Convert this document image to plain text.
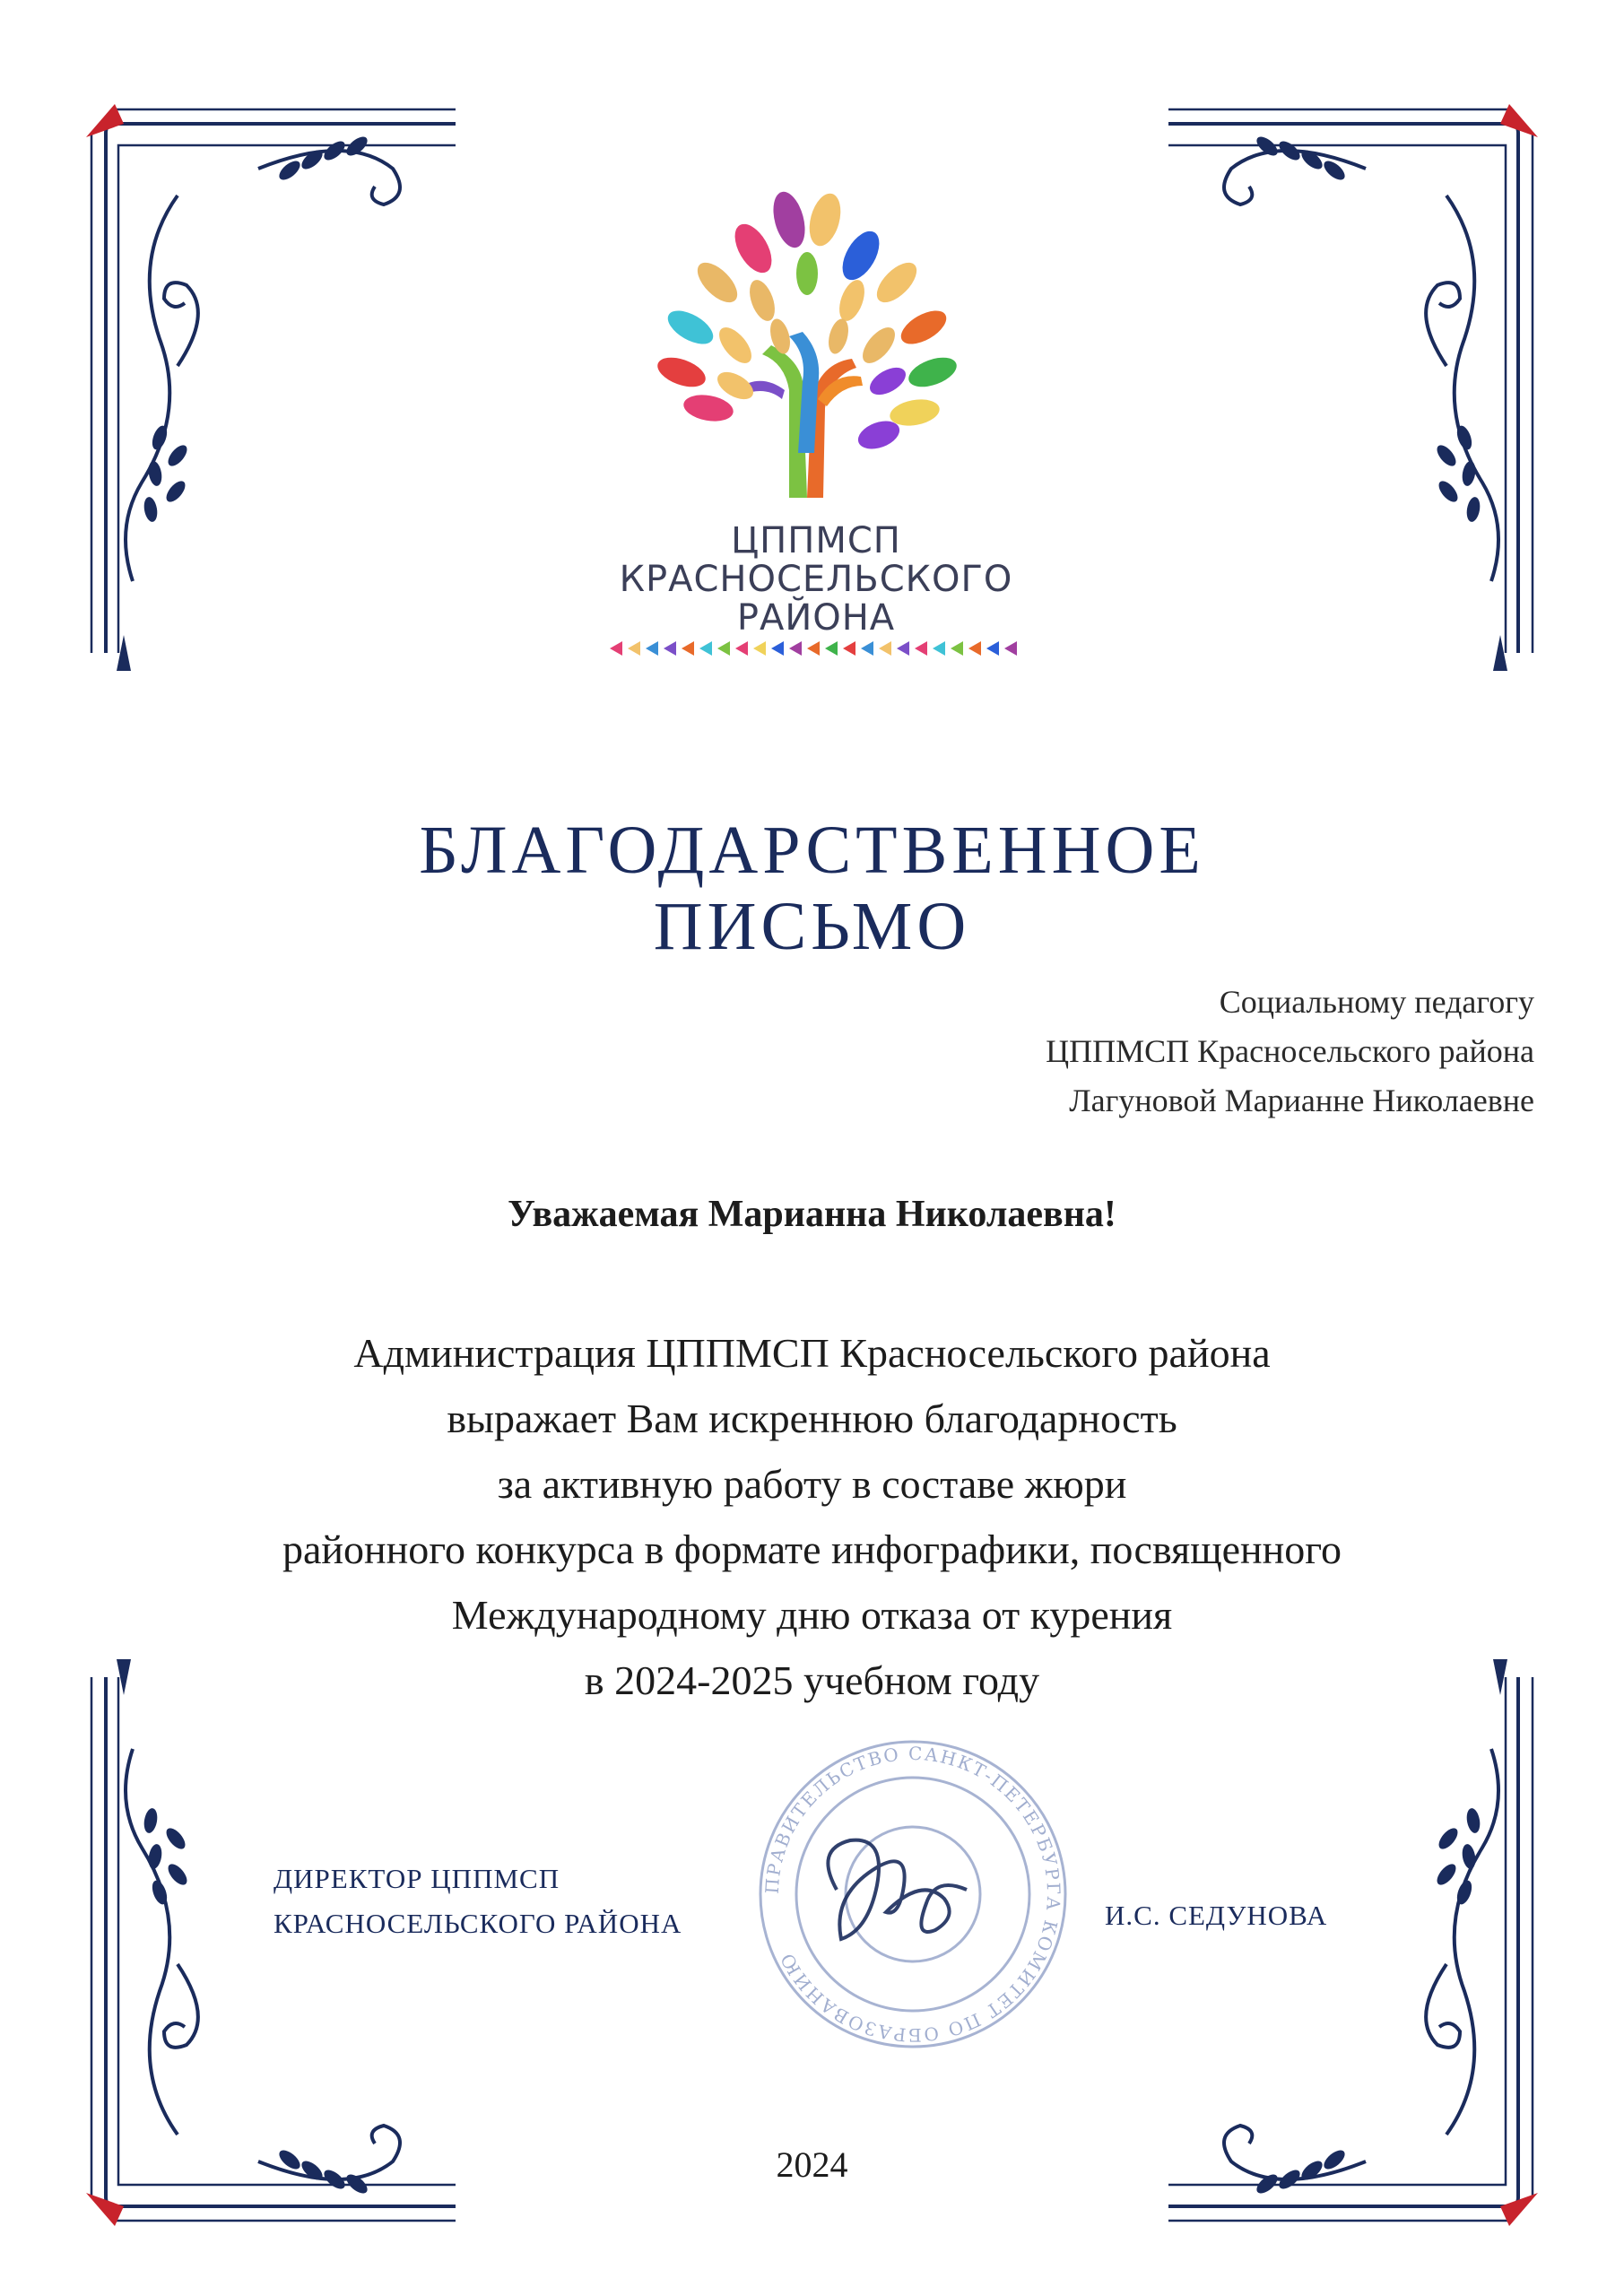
ЦППМСП
КРАСНОСЕЛЬСКОГО
РАЙОНА
БЛАГОДАРСТВЕННОЕ
ПИСЬМО
Социальному педагогу
ЦППМСП Красносельского района
Лагуновой Марианне Николаевне
Уважаемая Марианна Николаевна!
Администрация ЦППМСП Красносельского района
выражает Вам искреннюю благодарность
за активную работу в составе жюри
районного конкурса в формате инфографики, посвященного
Международному дню отказа от курения
в 2024-2025 учебном году
ПРАВИТЕЛЬСТВО САНКТ-ПЕТЕРБУРГА КОМИТЕТ ПО ОБРАЗОВАНИЮ
ДИРЕКТОР ЦППМСП
КРАСНОСЕЛЬСКОГО РАЙОНА	И.С. СЕДУНОВА
2024
